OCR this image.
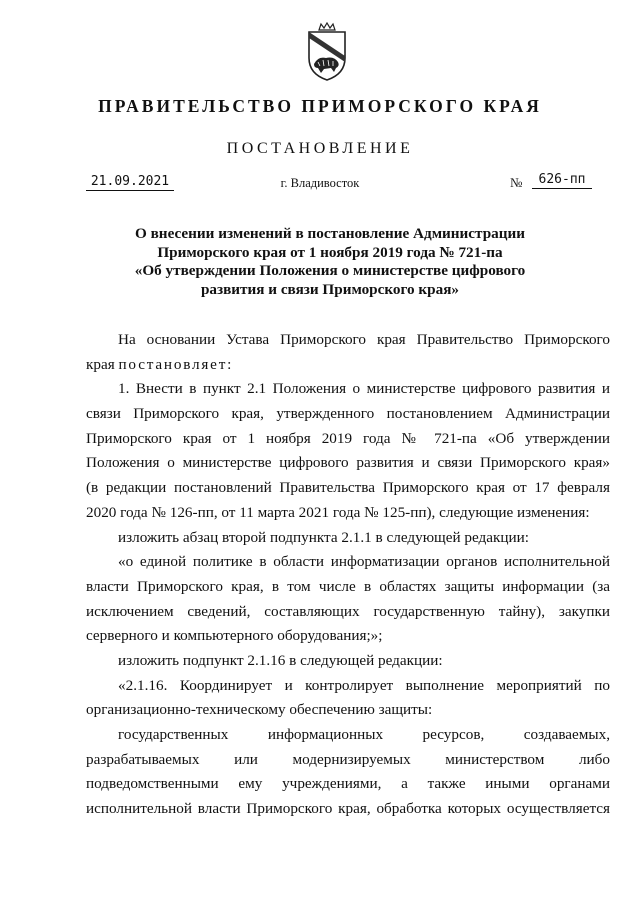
ПРАВИТЕЛЬСТВО ПРИМОРСКОГО КРАЯ
ПОСТАНОВЛЕНИЕ
21.09.2021	г. Владивосток	№	626-пп
О внесении изменений в постановление Администрации
Приморского края от 1 ноября 2019 года № 721-па
«Об утверждении Положения о министерстве цифрового
развития и связи Приморского края»
На основании Устава Приморского края Правительство Приморского
края постановляет:
1. Внести в пункт 2.1 Положения о министерстве цифрового развития и
связи Приморского края, утвержденного постановлением Администрации
Приморского края от 1 ноября 2019 года № 721-па «Об утверждении
Положения о министерстве цифрового развития и связи Приморского края»
(в редакции постановлений Правительства Приморского края от 17 февраля
2020 года № 126-пп, от 11 марта 2021 года № 125-пп), следующие изменения:
изложить абзац второй подпункта 2.1.1 в следующей редакции:
«о единой политике в области информатизации органов исполнительной
власти Приморского края, в том числе в областях защиты информации (за
исключением сведений, составляющих государственную тайну), закупки
серверного и компьютерного оборудования;»;
изложить подпункт 2.1.16 в следующей редакции:
«2.1.16. Координирует и контролирует выполнение мероприятий по
организационно-техническому обеспечению защиты:
государственных информационных ресурсов, создаваемых,
разрабатываемых или модернизируемых министерством либо
подведомственными ему учреждениями, а также иными органами
исполнительной власти Приморского края, обработка которых осуществляется
